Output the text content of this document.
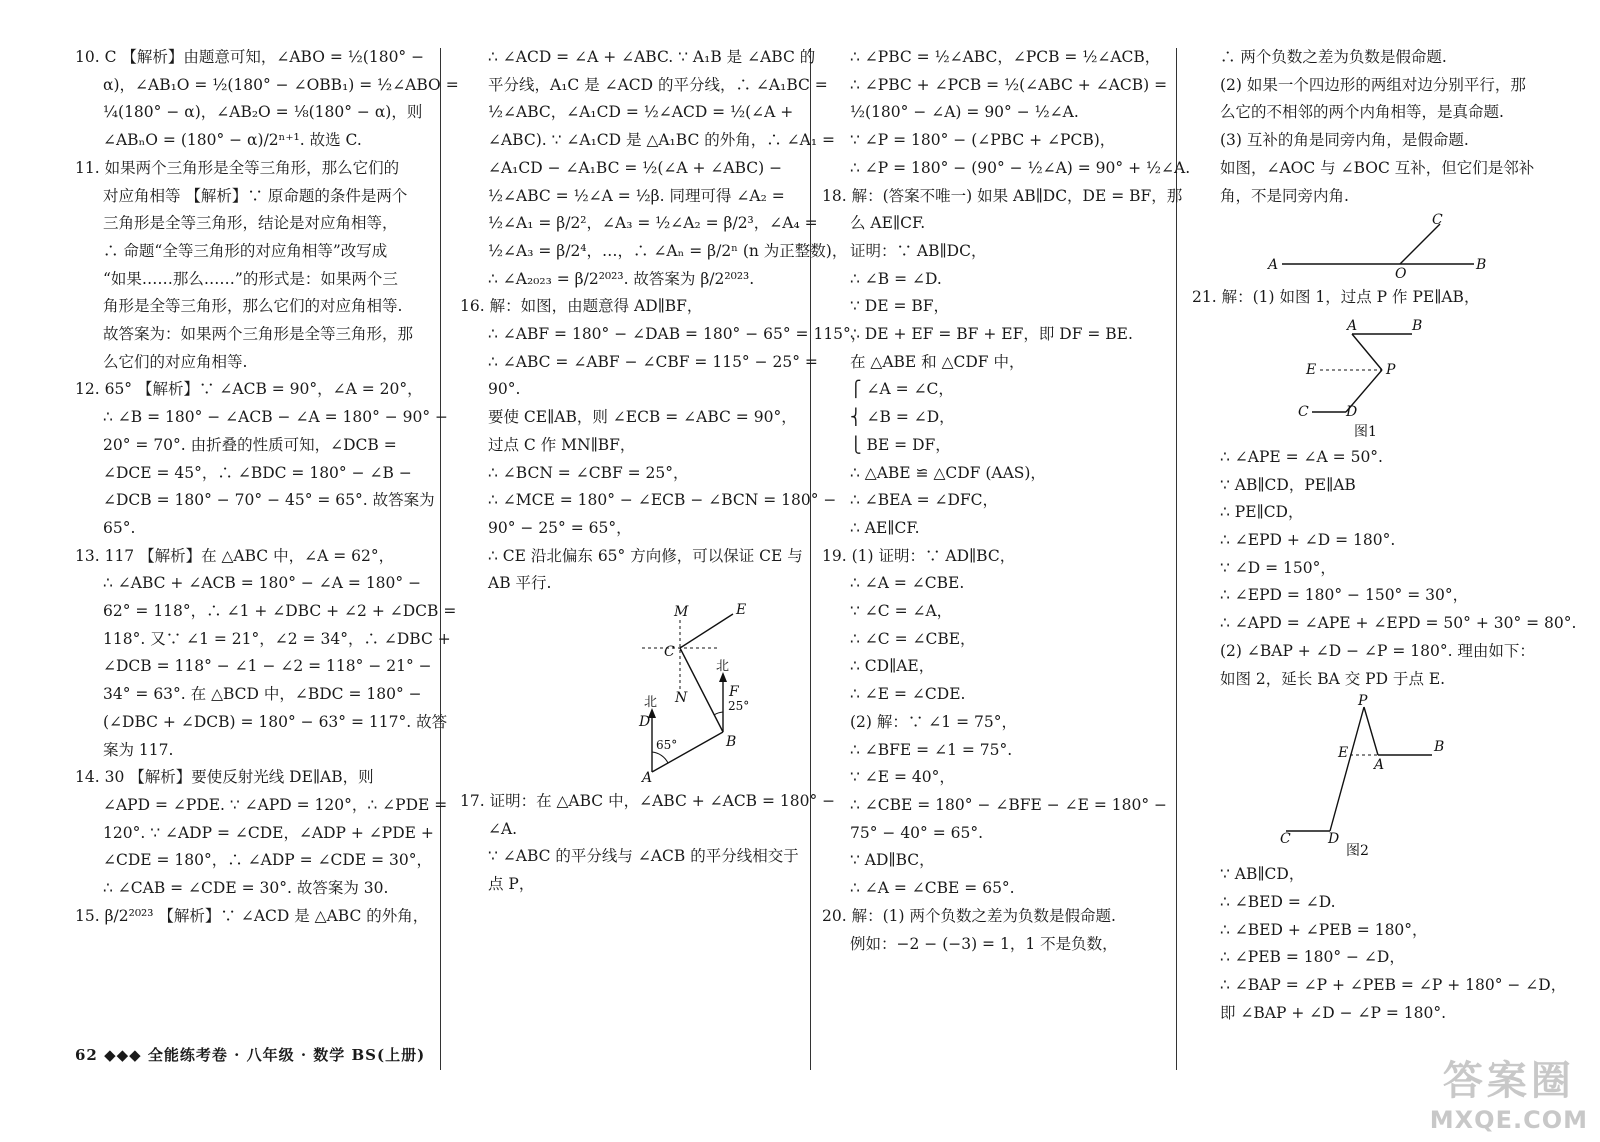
10. C 【解析】由题意可知，∠ABO = ½(180° −
α)，∠AB₁O = ½(180° − ∠OBB₁) = ½∠ABO =
¼(180° − α)，∠AB₂O = ⅛(180° − α)，则
∠ABₙO = (180° − α)/2ⁿ⁺¹. 故选 C.
11. 如果两个三角形是全等三角形，那么它们的
对应角相等 【解析】∵ 原命题的条件是两个
三角形是全等三角形，结论是对应角相等，
∴ 命题“全等三角形的对应角相等”改写成
“如果……那么……”的形式是：如果两个三
角形是全等三角形，那么它们的对应角相等.
故答案为：如果两个三角形是全等三角形，那
么它们的对应角相等.
12. 65° 【解析】∵ ∠ACB = 90°，∠A = 20°，
∴ ∠B = 180° − ∠ACB − ∠A = 180° − 90° −
20° = 70°. 由折叠的性质可知，∠DCB =
∠DCE = 45°，∴ ∠BDC = 180° − ∠B −
∠DCB = 180° − 70° − 45° = 65°. 故答案为
65°.
13. 117 【解析】在 △ABC 中，∠A = 62°，
∴ ∠ABC + ∠ACB = 180° − ∠A = 180° −
62° = 118°，∴ ∠1 + ∠DBC + ∠2 + ∠DCB =
118°. 又∵ ∠1 = 21°，∠2 = 34°，∴ ∠DBC +
∠DCB = 118° − ∠1 − ∠2 = 118° − 21° −
34° = 63°. 在 △BCD 中，∠BDC = 180° −
(∠DBC + ∠DCB) = 180° − 63° = 117°. 故答
案为 117.
14. 30 【解析】要使反射光线 DE∥AB，则
∠APD = ∠PDE. ∵ ∠APD = 120°，∴ ∠PDE =
120°. ∵ ∠ADP = ∠CDE，∠ADP + ∠PDE +
∠CDE = 180°，∴ ∠ADP = ∠CDE = 30°，
∴ ∠CAB = ∠CDE = 30°. 故答案为 30.
15. β/2²⁰²³ 【解析】∵ ∠ACD 是 △ABC 的外角，
∴ ∠ACD = ∠A + ∠ABC. ∵ A₁B 是 ∠ABC 的
平分线，A₁C 是 ∠ACD 的平分线，∴ ∠A₁BC =
½∠ABC，∠A₁CD = ½∠ACD = ½(∠A +
∠ABC). ∵ ∠A₁CD 是 △A₁BC 的外角，∴ ∠A₁ =
∠A₁CD − ∠A₁BC = ½(∠A + ∠ABC) −
½∠ABC = ½∠A = ½β. 同理可得 ∠A₂ =
½∠A₁ = β/2²，∠A₃ = ½∠A₂ = β/2³，∠A₄ =
½∠A₃ = β/2⁴，…，∴ ∠Aₙ = β/2ⁿ (n 为正整数)，
∴ ∠A₂₀₂₃ = β/2²⁰²³. 故答案为 β/2²⁰²³.
16. 解：如图，由题意得 AD∥BF，
∴ ∠ABF = 180° − ∠DAB = 180° − 65° = 115°，
∴ ∠ABC = ∠ABF − ∠CBF = 115° − 25° =
90°.
要使 CE∥AB，则 ∠ECB = ∠ABC = 90°，
过点 C 作 MN∥BF，
∴ ∠BCN = ∠CBF = 25°，
∴ ∠MCE = 180° − ∠ECB − ∠BCN = 180° −
90° − 25° = 65°，
∴ CE 沿北偏东 65° 方向修，可以保证 CE 与
AB 平行.
M	E
C
N
北
北
F
D
B
A
65°
25°
17. 证明：在 △ABC 中，∠ABC + ∠ACB = 180° −
∠A.
∵ ∠ABC 的平分线与 ∠ACB 的平分线相交于
点 P，
∴ ∠PBC = ½∠ABC，∠PCB = ½∠ACB，
∴ ∠PBC + ∠PCB = ½(∠ABC + ∠ACB) =
½(180° − ∠A) = 90° − ½∠A.
∵ ∠P = 180° − (∠PBC + ∠PCB)，
∴ ∠P = 180° − (90° − ½∠A) = 90° + ½∠A.
18. 解：(答案不唯一) 如果 AB∥DC，DE = BF，那
么 AE∥CF.
证明：∵ AB∥DC，
∴ ∠B = ∠D.
∵ DE = BF，
∴ DE + EF = BF + EF，即 DF = BE.
在 △ABE 和 △CDF 中，
⎧ ∠A = ∠C，
⎨ ∠B = ∠D，
⎩ BE = DF，
∴ △ABE ≌ △CDF (AAS)，
∴ ∠BEA = ∠DFC，
∴ AE∥CF.
19. (1) 证明：∵ AD∥BC，
∴ ∠A = ∠CBE.
∵ ∠C = ∠A，
∴ ∠C = ∠CBE，
∴ CD∥AE，
∴ ∠E = ∠CDE.
(2) 解：∵ ∠1 = 75°，
∴ ∠BFE = ∠1 = 75°.
∵ ∠E = 40°，
∴ ∠CBE = 180° − ∠BFE − ∠E = 180° −
75° − 40° = 65°.
∵ AD∥BC，
∴ ∠A = ∠CBE = 65°.
20. 解：(1) 两个负数之差为负数是假命题.
例如：−2 − (−3) = 1，1 不是负数，
∴ 两个负数之差为负数是假命题.
(2) 如果一个四边形的两组对边分别平行，那
么它的不相邻的两个内角相等，是真命题.
(3) 互补的角是同旁内角，是假命题.
如图，∠AOC 与 ∠BOC 互补，但它们是邻补
角，不是同旁内角.
A
O
B
C
21. 解：(1) 如图 1，过点 P 作 PE∥AB，
A	B
E	P
C	D
图1
∴ ∠APE = ∠A = 50°.
∵ AB∥CD，PE∥AB
∴ PE∥CD，
∴ ∠EPD + ∠D = 180°.
∵ ∠D = 150°，
∴ ∠EPD = 180° − 150° = 30°，
∴ ∠APD = ∠APE + ∠EPD = 50° + 30° = 80°.
(2) ∠BAP + ∠D − ∠P = 180°. 理由如下：
如图 2，延长 BA 交 PD 于点 E.
P
E
A
B
C	D
图2
∵ AB∥CD，
∴ ∠BED = ∠D.
∴ ∠BED + ∠PEB = 180°，
∴ ∠PEB = 180° − ∠D，
∴ ∠BAP = ∠P + ∠PEB = ∠P + 180° − ∠D，
即 ∠BAP + ∠D − ∠P = 180°.
62 ◆◆◆ 全能练考卷 · 八年级 · 数学 BS(上册)
答案圈
MXQE.COM
